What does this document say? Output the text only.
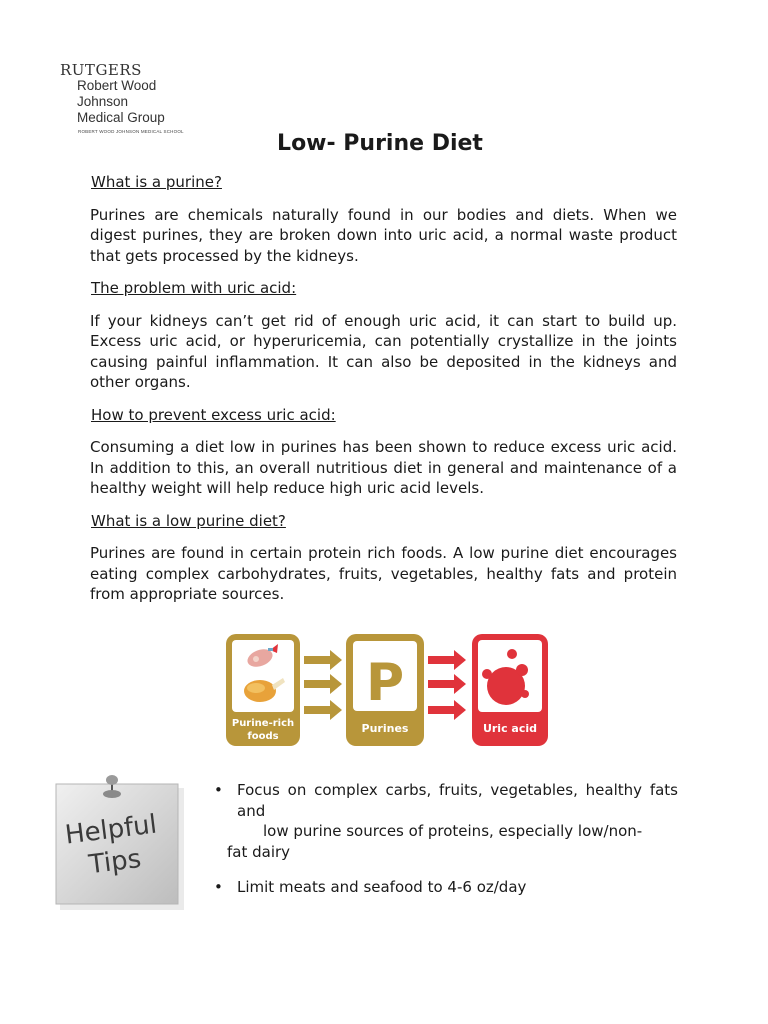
RUTGERS
Robert Wood Johnson
Medical Group
ROBERT WOOD JOHNSON MEDICAL SCHOOL	Low- Purine Diet
What is a purine?

Purines are chemicals naturally found in our bodies and diets. When we digest purines, they are broken down into uric acid, a normal waste product that gets processed by the kidneys.

The problem with uric acid:

If your kidneys can’t get rid of enough uric acid, it can start to build up. Excess uric acid, or hyperuricemia, can potentially crystallize in the joints causing painful inflammation. It can also be deposited in the kidneys and other organs.

How to prevent excess uric acid:

Consuming a diet low in purines has been shown to reduce excess uric acid. In addition to this, an overall nutritious diet in general and maintenance of a healthy weight will help reduce high uric acid levels.

What is a low purine diet?

Purines are found in certain protein rich foods. A low purine diet encourages eating complex carbohydrates, fruits, vegetables, healthy fats and protein from appropriate sources.

Purine-rich
foods
P
Purines	Uric acid
Helpful
Tips
• Focus on complex carbs, fruits, vegetables, healthy fats and
low purine sources of proteins, especially low/non-
fat dairy
• Limit meats and seafood to 4-6 oz/day
